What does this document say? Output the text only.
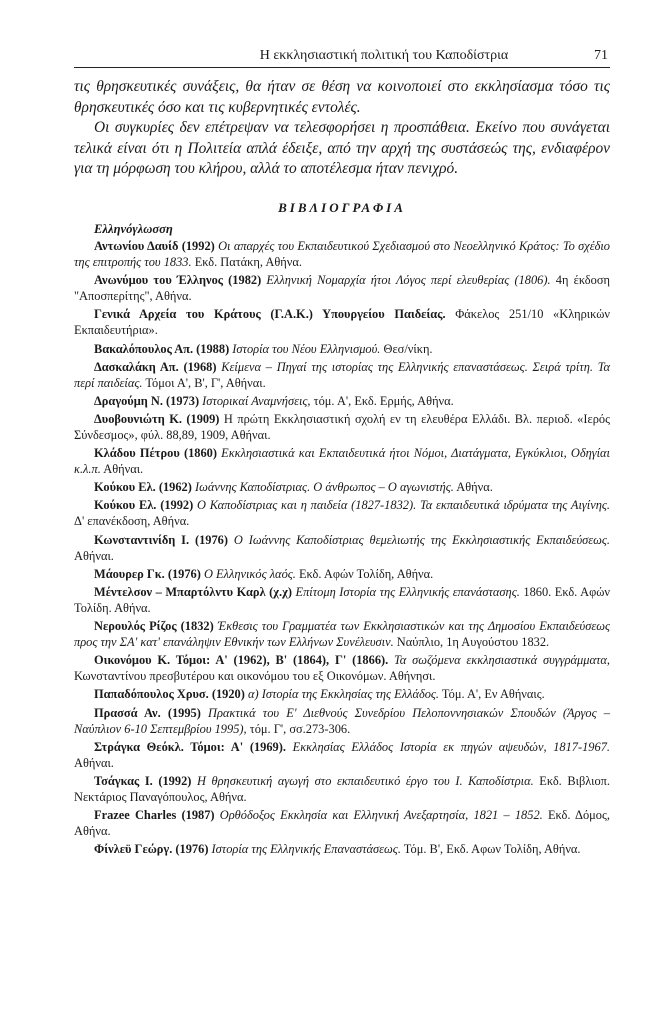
Η εκκλησιαστική πολιτική του Καποδίστρια	71

τις θρησκευτικές συνάξεις, θα ήταν σε θέση να κοινοποιεί στο εκκλησίασμα τόσο τις θρησκευτικές όσο και τις κυβερνητικές εντολές.

Οι συγκυρίες δεν επέτρεψαν να τελεσφορήσει η προσπάθεια. Εκείνο που συνάγεται τελικά είναι ότι η Πολιτεία απλά έδειξε, από την αρχή της συστάσεώς της, ενδιαφέρον για τη μόρφωση του κλήρου, αλλά το αποτέλεσμα ήταν πενιχρό.

ΒΙΒΛΙΟΓΡΑΦΙΑ
Ελληνόγλωσση

Αντωνίου Δαυίδ (1992) Οι απαρχές του Εκπαιδευτικού Σχεδιασμού στο Νεοελληνικό Κράτος: Το σχέδιο της επιτροπής του 1833. Εκδ. Πατάκη, Αθήνα.

Ανωνύμου του Έλληνος (1982) Ελληνική Νομαρχία ήτοι Λόγος περί ελευθερίας (1806). 4η έκδοση "Αποσπερίτης", Αθήνα.

Γενικά Αρχεία του Κράτους (Γ.Α.Κ.) Υπουργείου Παιδείας. Φάκελος 251/10 «Κληρικών Εκπαιδευτήρια».

Βακαλόπουλος Απ. (1988) Ιστορία του Νέου Ελληνισμού. Θεσ/νίκη.

Δασκαλάκη Απ. (1968) Κείμενα – Πηγαί της ιστορίας της Ελληνικής επαναστάσεως. Σειρά τρίτη. Τα περί παιδείας. Τόμοι Α', Β', Γ', Αθήναι.

Δραγούμη Ν. (1973) Ιστορικαί Αναμνήσεις, τόμ. Α', Εκδ. Ερμής, Αθήνα.

Δυοβουνιώτη Κ. (1909) Η πρώτη Εκκλησιαστική σχολή εν τη ελευθέρα Ελλάδι. Βλ. περιοδ. «Ιερός Σύνδεσμος», φύλ. 88,89, 1909, Αθήναι.

Κλάδου Πέτρου (1860) Εκκλησιαστικά και Εκπαιδευτικά ήτοι Νόμοι, Διατάγματα, Εγκύκλιοι, Οδηγίαι κ.λ.π. Αθήναι.

Κούκου Ελ. (1962) Ιωάννης Καποδίστριας. Ο άνθρωπος – Ο αγωνιστής. Αθήνα.

Κούκου Ελ. (1992) Ο Καποδίστριας και η παιδεία (1827-1832). Τα εκπαιδευτικά ιδρύματα της Αιγίνης. Δ' επανέκδοση, Αθήνα.

Κωνσταντινίδη Ι. (1976) Ο Ιωάννης Καποδίστριας θεμελιωτής της Εκκλησιαστικής Εκπαιδεύσεως. Αθήναι.

Μάουρερ Γκ. (1976) Ο Ελληνικός λαός. Εκδ. Αφών Τολίδη, Αθήνα.

Μέντελσον – Μπαρτόλντυ Καρλ (χ.χ) Επίτομη Ιστορία της Ελληνικής επανάστασης. 1860. Εκδ. Αφών Τολίδη. Αθήνα.

Νερουλός Ρίζος (1832) Έκθεσις του Γραμματέα των Εκκλησιαστικών και της Δημοσίου Εκπαιδεύσεως προς την ΣΑ' κατ' επανάληψιν Εθνικήν των Ελλήνων Συνέλευσιν. Ναύπλιο, 1η Αυγούστου 1832.

Οικονόμου Κ. Τόμοι: Α' (1962), Β' (1864), Γ' (1866). Τα σωζόμενα εκκλησιαστικά συγγράμματα, Κωνσταντίνου πρεσβυτέρου και οικονόμου του εξ Οικονόμων. Αθήνησι.

Παπαδόπουλος Χρυσ. (1920) α) Ιστορία της Εκκλησίας της Ελλάδος. Τόμ. Α', Εν Αθήναις.

Πρασσά Αν. (1995) Πρακτικά του Ε' Διεθνούς Συνεδρίου Πελοποννησιακών Σπουδών (Άργος – Ναύπλιον 6-10 Σεπτεμβρίου 1995), τόμ. Γ', σσ.273-306.

Στράγκα Θεόκλ. Τόμοι: Α' (1969). Εκκλησίας Ελλάδος Ιστορία εκ πηγών αψευδών, 1817-1967. Αθήναι.

Τσάγκας Ι. (1992) Η θρησκευτική αγωγή στο εκπαιδευτικό έργο του Ι. Καποδίστρια. Εκδ. Βιβλιοπ. Νεκτάριος Παναγόπουλος, Αθήνα.

Frazee Charles (1987) Ορθόδοξος Εκκλησία και Ελληνική Ανεξαρτησία, 1821 – 1852. Εκδ. Δόμος, Αθήνα.

Φίνλεϋ Γεώργ. (1976) Ιστορία της Ελληνικής Επαναστάσεως. Τόμ. Β', Εκδ. Αφων Τολίδη, Αθήνα.
